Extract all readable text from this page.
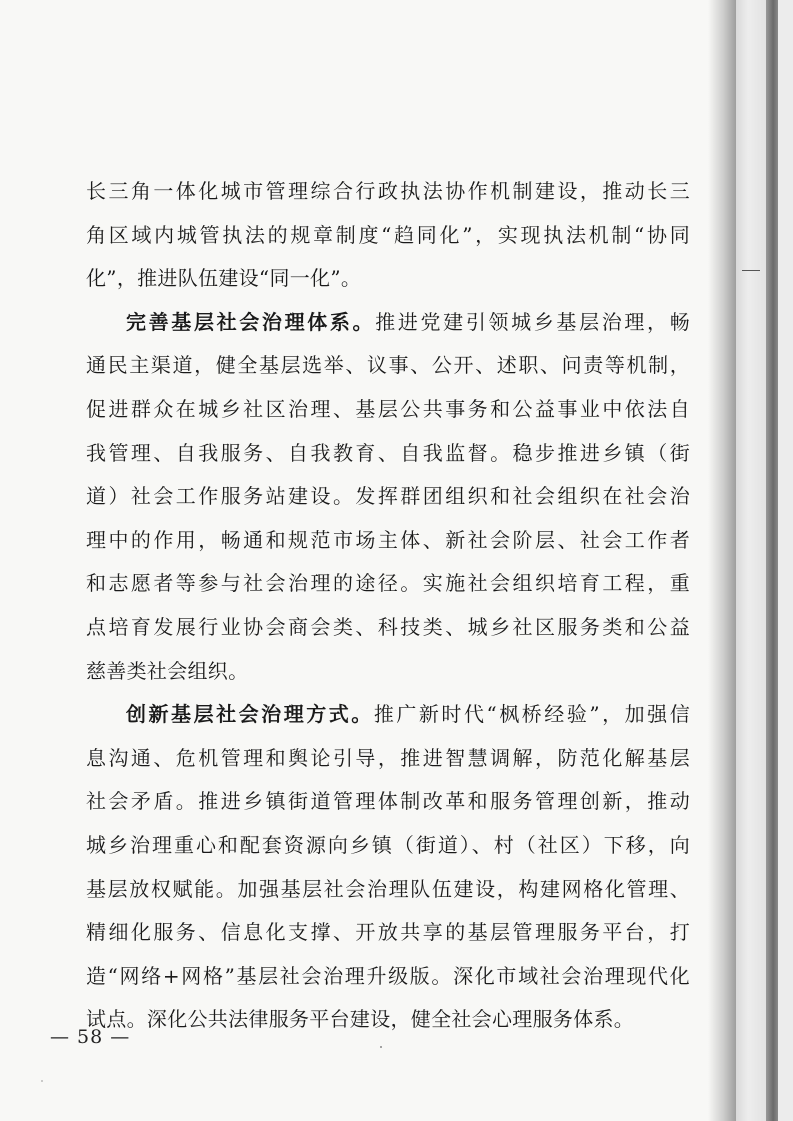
长三角一体化城市管理综合行政执法协作机制建设，推动长三
角区域内城管执法的规章制度“趋同化”，实现执法机制“协同
化”，推进队伍建设“同一化”。
完善基层社会治理体系。推进党建引领城乡基层治理，畅
通民主渠道，健全基层选举、议事、公开、述职、问责等机制，
促进群众在城乡社区治理、基层公共事务和公益事业中依法自
我管理、自我服务、自我教育、自我监督。稳步推进乡镇（街
道）社会工作服务站建设。发挥群团组织和社会组织在社会治
理中的作用，畅通和规范市场主体、新社会阶层、社会工作者
和志愿者等参与社会治理的途径。实施社会组织培育工程，重
点培育发展行业协会商会类、科技类、城乡社区服务类和公益
慈善类社会组织。
创新基层社会治理方式。推广新时代“枫桥经验”，加强信
息沟通、危机管理和舆论引导，推进智慧调解，防范化解基层
社会矛盾。推进乡镇街道管理体制改革和服务管理创新，推动
城乡治理重心和配套资源向乡镇（街道）、村（社区）下移，向
基层放权赋能。加强基层社会治理队伍建设，构建网格化管理、
精细化服务、信息化支撑、开放共享的基层管理服务平台，打
造“网络+网格”基层社会治理升级版。深化市域社会治理现代化
试点。深化公共法律服务平台建设，健全社会心理服务体系。
— 58 —
